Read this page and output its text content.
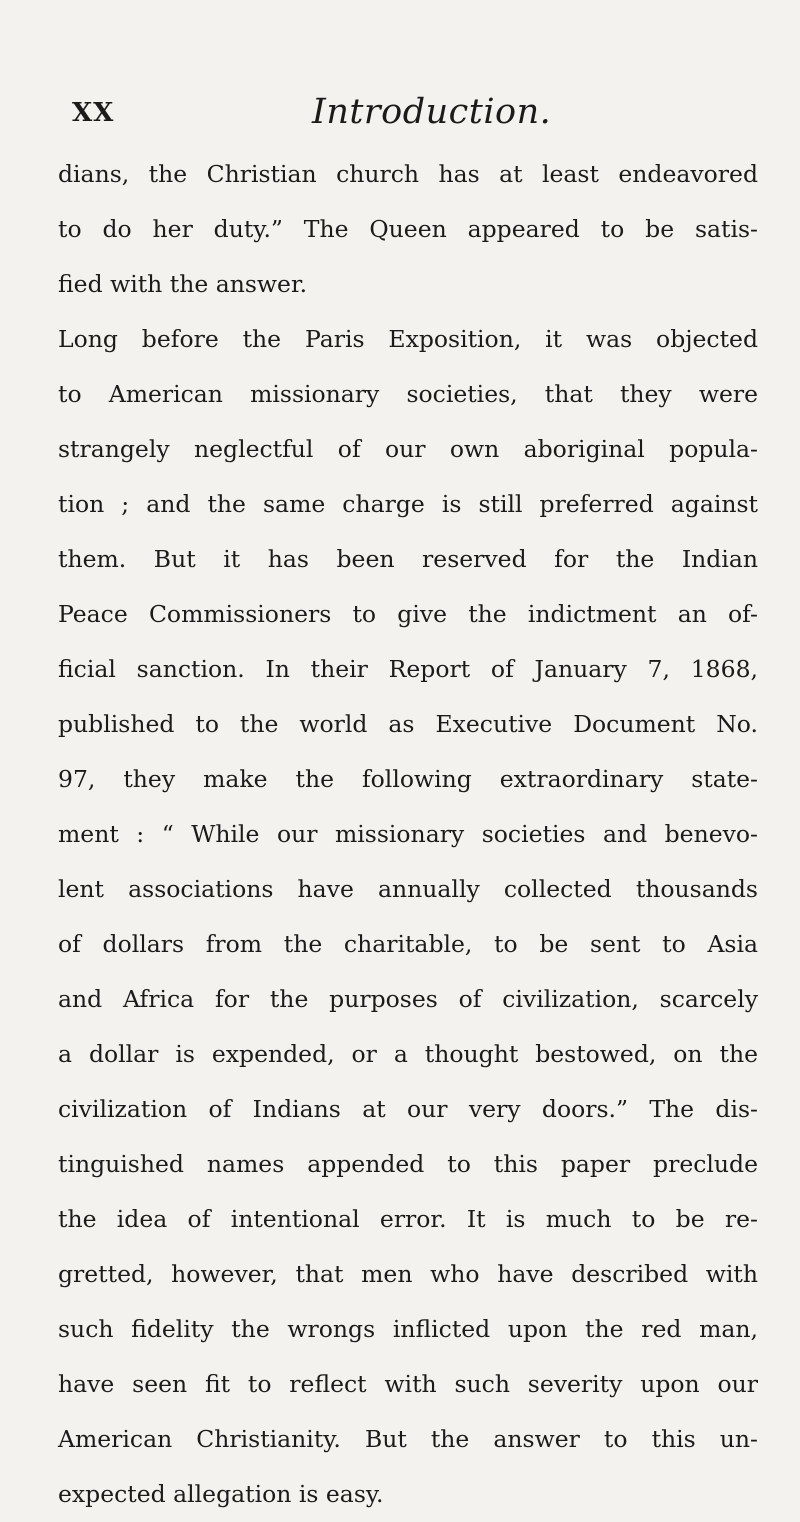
XX	Introduction.
dians, the Christian church has at least endeavored
to do her duty.” The Queen appeared to be satis-
fied with the answer.
Long before the Paris Exposition, it was objected
to American missionary societies, that they were
strangely neglectful of our own aboriginal popula-
tion ; and the same charge is still preferred against
them. But it has been reserved for the Indian
Peace Commissioners to give the indictment an of-
ficial sanction. In their Report of January 7, 1868,
published to the world as Executive Document No.
97, they make the following extraordinary state-
ment : “ While our missionary societies and benevo-
lent associations have annually collected thousands
of dollars from the charitable, to be sent to Asia
and Africa for the purposes of civilization, scarcely
a dollar is expended, or a thought bestowed, on the
civilization of Indians at our very doors.” The dis-
tinguished names appended to this paper preclude
the idea of intentional error. It is much to be re-
gretted, however, that men who have described with
such fidelity the wrongs inflicted upon the red man,
have seen fit to reflect with such severity upon our
American Christianity. But the answer to this un-
expected allegation is easy.
